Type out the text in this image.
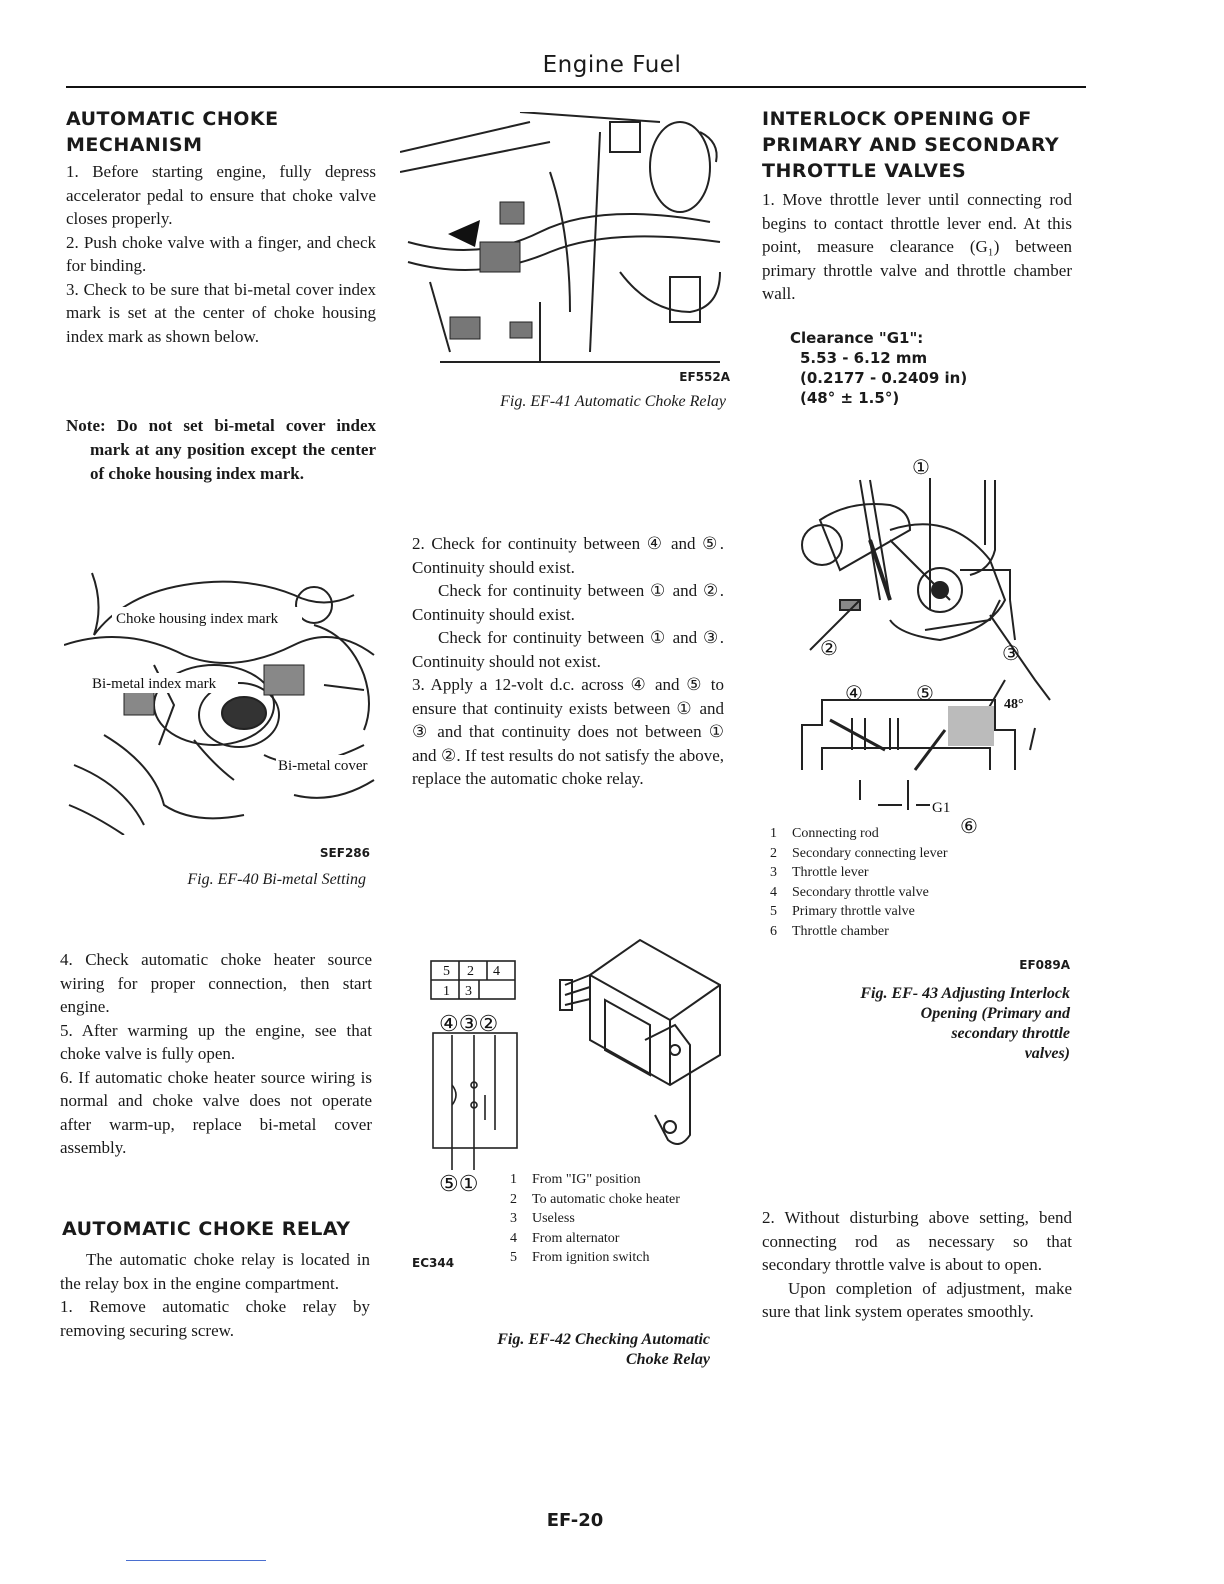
Engine Fuel
AUTOMATIC CHOKE MECHANISM

1. Before starting engine, fully depress accelerator pedal to ensure that choke valve closes properly.

2. Push choke valve with a finger, and check for binding.

3. Check to be sure that bi-metal cover index mark is set at the center of choke housing index mark as shown below.

Note: Do not set bi-metal cover index mark at any position except the center of choke housing index mark.
Choke housing index mark
Bi-metal index mark
Bi-metal cover
SEF286
Fig. EF-40 Bi-metal Setting

4. Check automatic choke heater source wiring for proper connection, then start engine.

5. After warming up the engine, see that choke valve is fully open.

6. If automatic choke heater source wiring is normal and choke valve does not operate after warm-up, replace bi-metal cover assembly.

AUTOMATIC CHOKE RELAY

The automatic choke relay is located in the relay box in the engine compartment.

1. Remove automatic choke relay by removing securing screw.

EF552A
Fig. EF-41 Automatic Choke Relay

2. Check for continuity between ④ and ⑤. Continuity should exist.

Check for continuity between ① and ②. Continuity should exist.

Check for continuity between ① and ③. Continuity should not exist.

3. Apply a 12-volt d.c. across ④ and ⑤ to ensure that continuity exists between ① and ③ and that continuity does not between ① and ②. If test results do not satisfy the above, replace the automatic choke relay.

5 2 4
1 3
④③②
⑤① 1	From "IG" position
2	To automatic choke heater
3	Useless
4	From alternator
5	From ignition switch
EC344
Fig. EF-42 Checking Automatic
Choke Relay
INTERLOCK OPENING OF PRIMARY AND SECONDARY THROTTLE VALVES
1. Move throttle lever until connecting rod begins to contact throttle lever end. At this point, measure clearance (G₁) between primary throttle valve and throttle chamber wall.
Clearance "G1":
5.53 - 6.12 mm
(0.2177 - 0.2409 in)
(48° ± 1.5°)
①
②	③
④	⑤
⑥
48°
G1
1	Connecting rod
2	Secondary connecting lever
3	Throttle lever
4	Secondary throttle valve
5	Primary throttle valve
6	Throttle chamber
EF089A
Fig. EF- 43 Adjusting Interlock
Opening (Primary and
secondary throttle
valves)

2. Without disturbing above setting, bend connecting rod as necessary so that secondary throttle valve is about to open.

Upon completion of adjustment, make sure that link system operates smoothly.

EF-20
